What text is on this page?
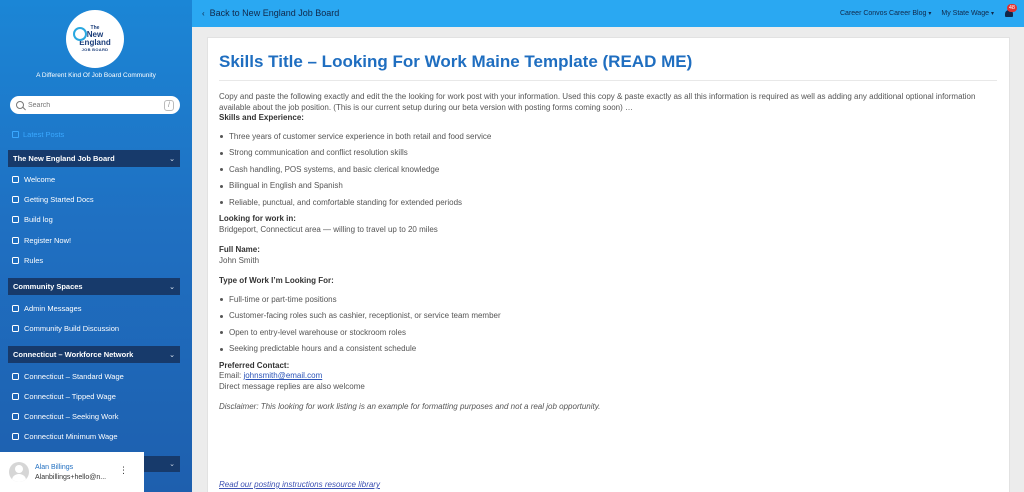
The
New
England
JOB BOARD
A Different Kind Of Job Board Community
Search
/
Latest Posts
The New England Job Board	⌄
Welcome
Getting Started Docs
Build log
Register Now!
Rules
Community Spaces	⌄
Admin Messages
Community Build Discussion
Connecticut – Workforce Network	⌄
Connecticut – Standard Wage
Connecticut – Tipped Wage
Connecticut – Seeking Work
Connecticut Minimum Wage
⌄
Alan Billings
Alanbillings+hello@n...
⋮
‹ Back to New England Job Board	Career Convos Career Blog ▾ My State Wage ▾
48
Skills Title – Looking For Work Maine Template (READ ME)
Copy and paste the following exactly and edit the the looking for work post with your information. Used this copy & paste exactly as all this information is required as well as adding any additional optional information available about the job position. (This is our current setup during our beta version with posting forms coming soon) …
Skills and Experience:
Three years of customer service experience in both retail and food service
Strong communication and conflict resolution skills
Cash handling, POS systems, and basic clerical knowledge
Bilingual in English and Spanish
Reliable, punctual, and comfortable standing for extended periods
Looking for work in:
Bridgeport, Connecticut area — willing to travel up to 20 miles
Full Name:
John Smith
Type of Work I’m Looking For:
Full-time or part-time positions
Customer-facing roles such as cashier, receptionist, or service team member
Open to entry-level warehouse or stockroom roles
Seeking predictable hours and a consistent schedule
Preferred Contact:
Email: johnsmith@email.com
Direct message replies are also welcome
Disclaimer: This looking for work listing is an example for formatting purposes and not a real job opportunity.
Read our posting instructions resource library
